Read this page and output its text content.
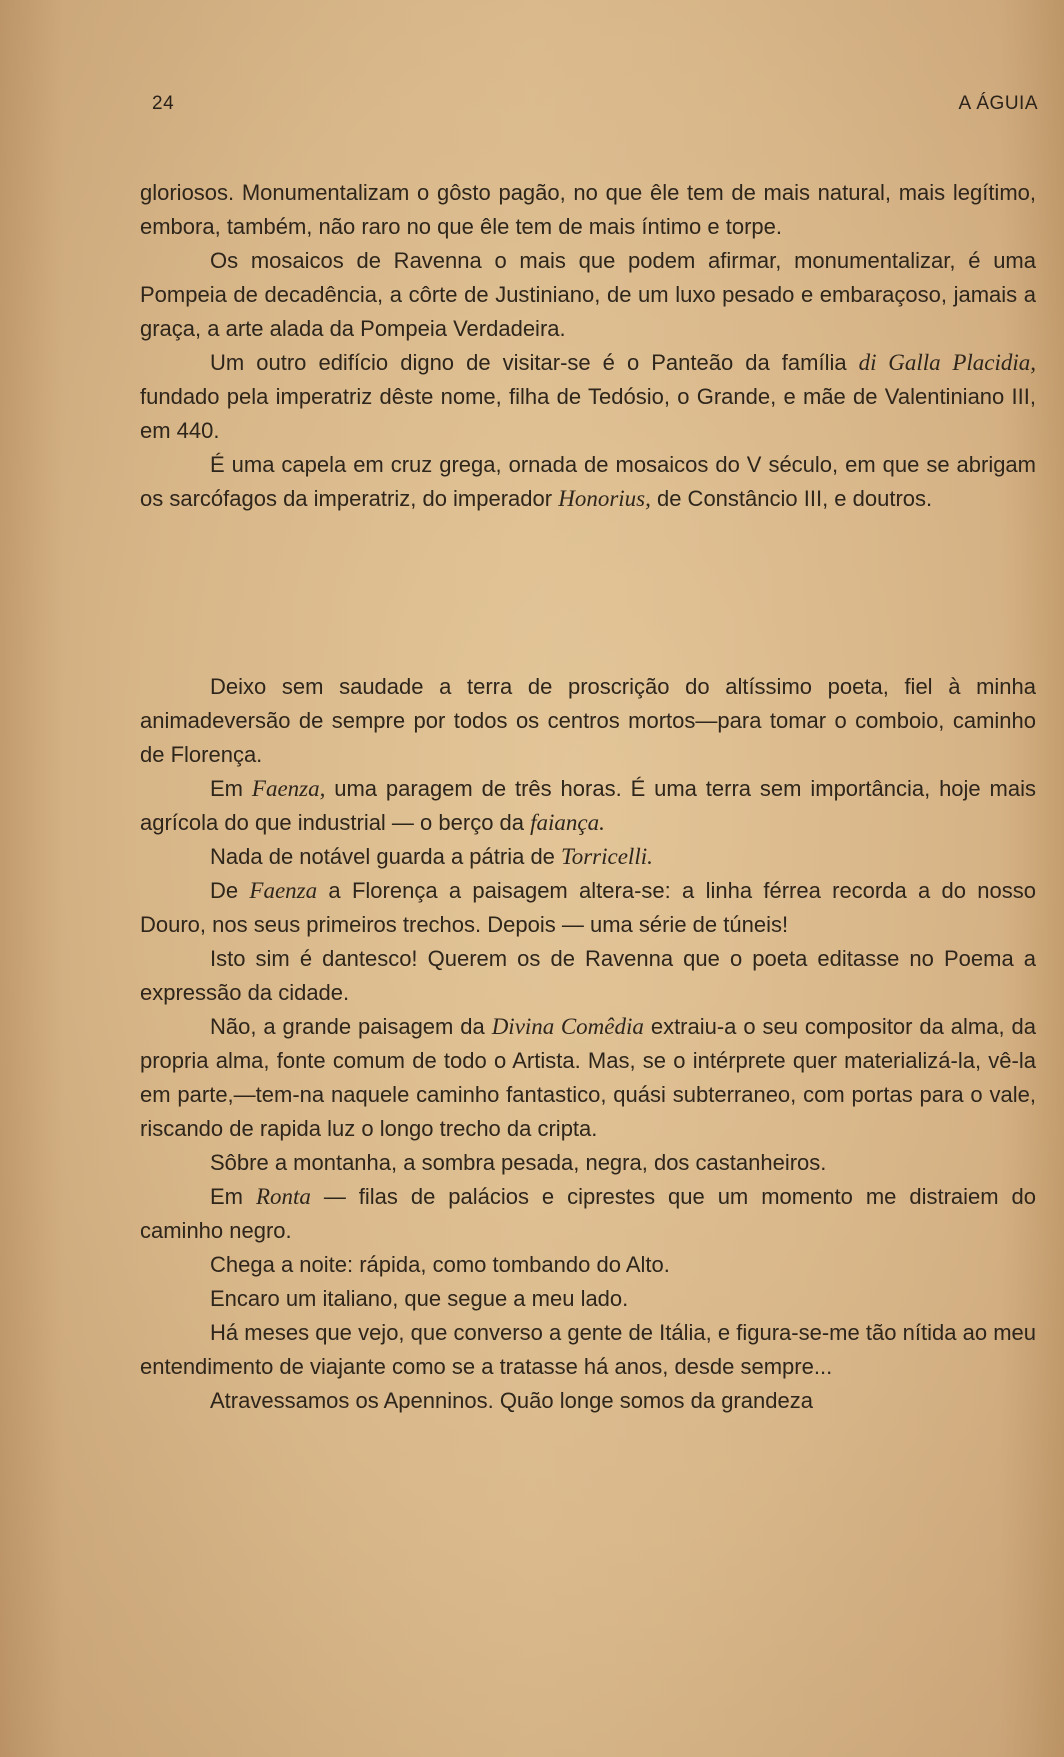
24	A ÁGUIA

gloriosos. Monumentalizam o gôsto pagão, no que êle tem de mais natural, mais legítimo, embora, também, não raro no que êle tem de mais íntimo e torpe.

Os mosaicos de Ravenna o mais que podem afirmar, monumentalizar, é uma Pompeia de decadência, a côrte de Justiniano, de um luxo pesado e embaraçoso, jamais a graça, a arte alada da Pompeia Verdadeira.

Um outro edifício digno de visitar-se é o Panteão da família di Galla Placidia, fundado pela imperatriz dêste nome, filha de Tedósio, o Grande, e mãe de Valentiniano III, em 440.

É uma capela em cruz grega, ornada de mosaicos do V século, em que se abrigam os sarcófagos da imperatriz, do imperador Honorius, de Constâncio III, e doutros.

Deixo sem saudade a terra de proscrição do altíssimo poeta, fiel à minha animadeversão de sempre por todos os centros mortos—para tomar o comboio, caminho de Florença.

Em Faenza, uma paragem de três horas. É uma terra sem importância, hoje mais agrícola do que industrial — o berço da faiança.

Nada de notável guarda a pátria de Torricelli.

De Faenza a Florença a paisagem altera-se: a linha férrea recorda a do nosso Douro, nos seus primeiros trechos. Depois — uma série de túneis!

Isto sim é dantesco! Querem os de Ravenna que o poeta editasse no Poema a expressão da cidade.

Não, a grande paisagem da Divina Comêdia extraiu-a o seu compositor da alma, da propria alma, fonte comum de todo o Artista. Mas, se o intérprete quer materializá-la, vê-la em parte,—tem-na naquele caminho fantastico, quási subterraneo, com portas para o vale, riscando de rapida luz o longo trecho da cripta.

Sôbre a montanha, a sombra pesada, negra, dos castanheiros.

Em Ronta — filas de palácios e ciprestes que um momento me distraiem do caminho negro.

Chega a noite: rápida, como tombando do Alto.

Encaro um italiano, que segue a meu lado.

Há meses que vejo, que converso a gente de Itália, e figura-se-me tão nítida ao meu entendimento de viajante como se a tratasse há anos, desde sempre...

Atravessamos os Apenninos. Quão longe somos da grandeza
